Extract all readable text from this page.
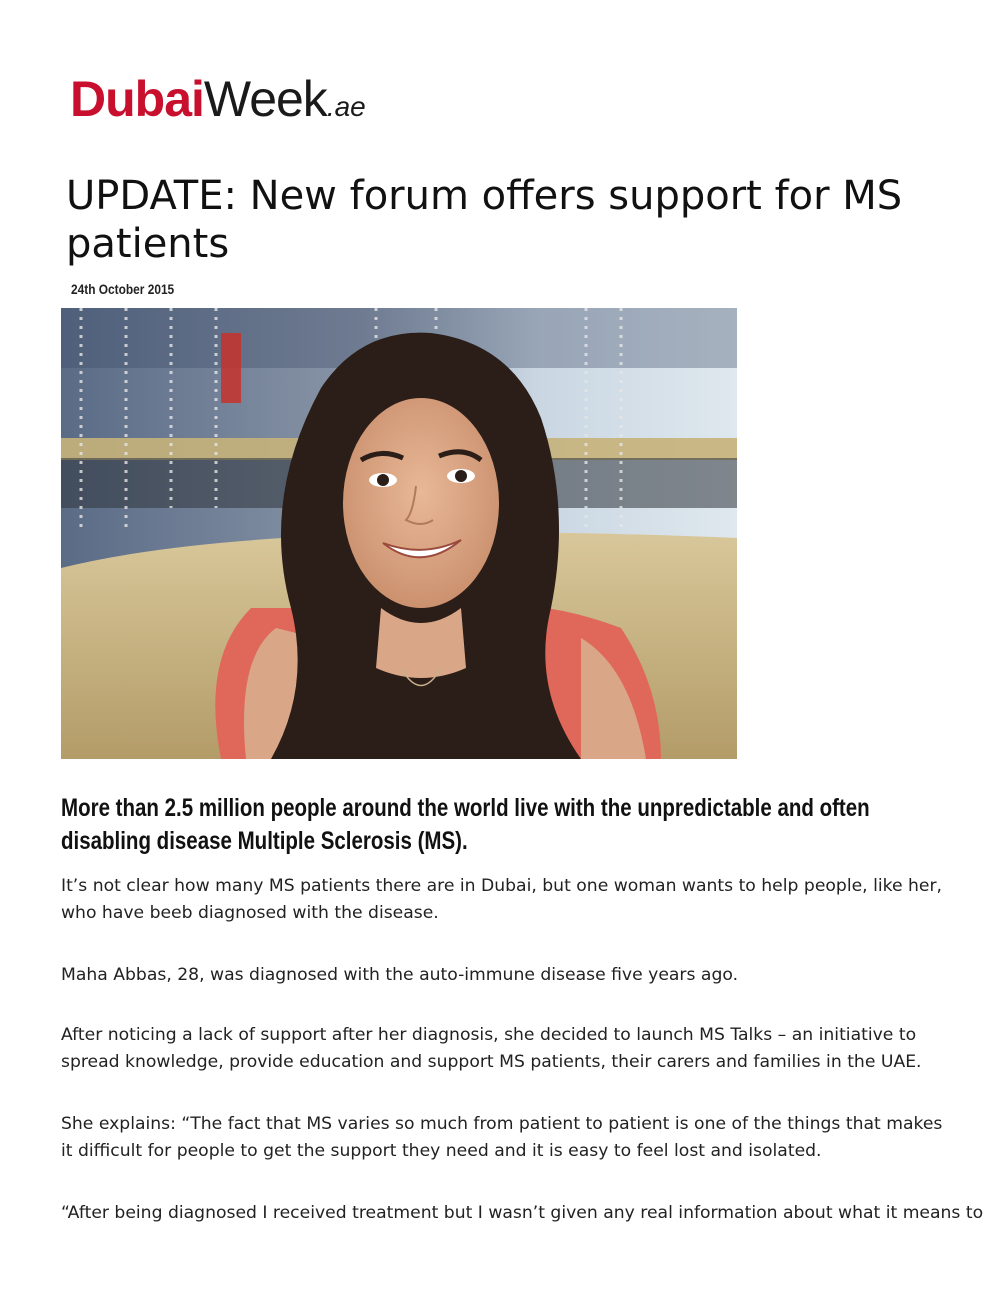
DubaiWeek.ae
UPDATE: New forum offers support for MS patients
24th October 2015

More than 2.5 million people around the world live with the unpredictable and often disabling disease Multiple Sclerosis (MS).

It’s not clear how many MS patients there are in Dubai, but one woman wants to help people, like her, who have beeb diagnosed with the disease.

Maha Abbas, 28, was diagnosed with the auto-immune disease five years ago.

After noticing a lack of support after her diagnosis, she decided to launch MS Talks – an initiative to spread knowledge, provide education and support MS patients, their carers and families in the UAE.

She explains: “The fact that MS varies so much from patient to patient is one of the things that makes it difficult for people to get the support they need and it is easy to feel lost and isolated.

“After being diagnosed I received treatment but I wasn’t given any real information about what it means to
